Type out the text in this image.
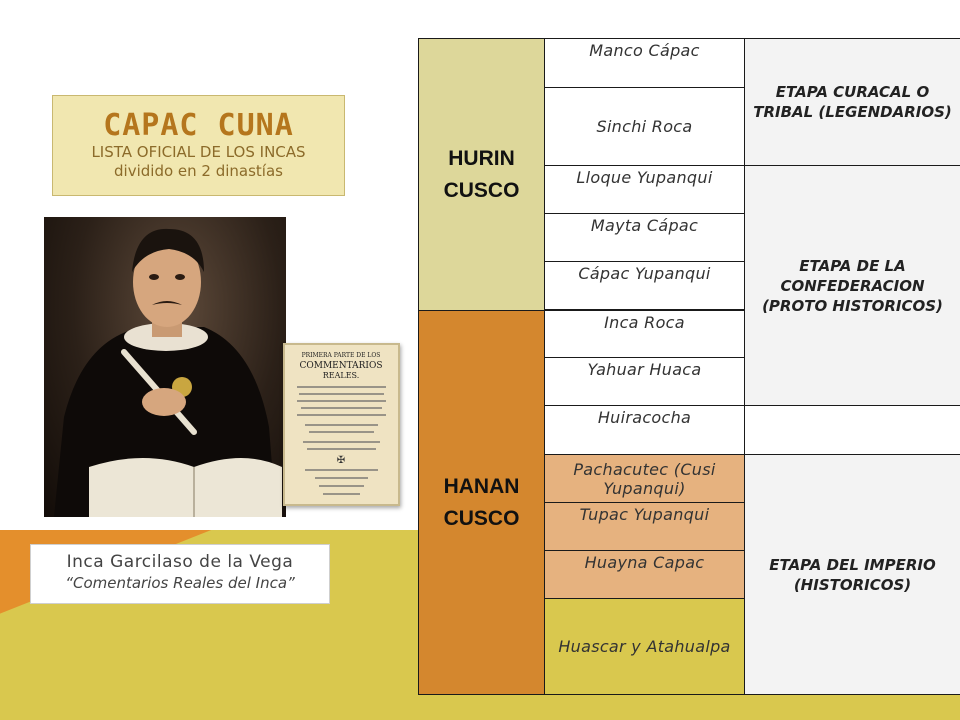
CAPAC CUNA
LISTA OFICIAL DE LOS INCAS
dividido en 2 dinastías
PRIMERA PARTE DE LOS
COMMENTARIOS
REALES.
✠
Inca Garcilaso de la Vega
“Comentarios Reales del Inca”
HURIN CUSCO	Manco Cápac	ETAPA CURACAL O TRIBAL (LEGENDARIOS)
	Sinchi Roca	
	Lloque Yupanqui	ETAPA DE LA CONFEDERACION (PROTO HISTORICOS)
	Mayta Cápac	
	Cápac Yupanqui	

HANAN CUSCO	Inca Roca	
	Yahuar Huaca	
	Huiracocha	
	Pachacutec (Cusi Yupanqui)	ETAPA DEL IMPERIO (HISTORICOS)
	Tupac Yupanqui	
	Huayna Capac	
	Huascar y Atahualpa	
